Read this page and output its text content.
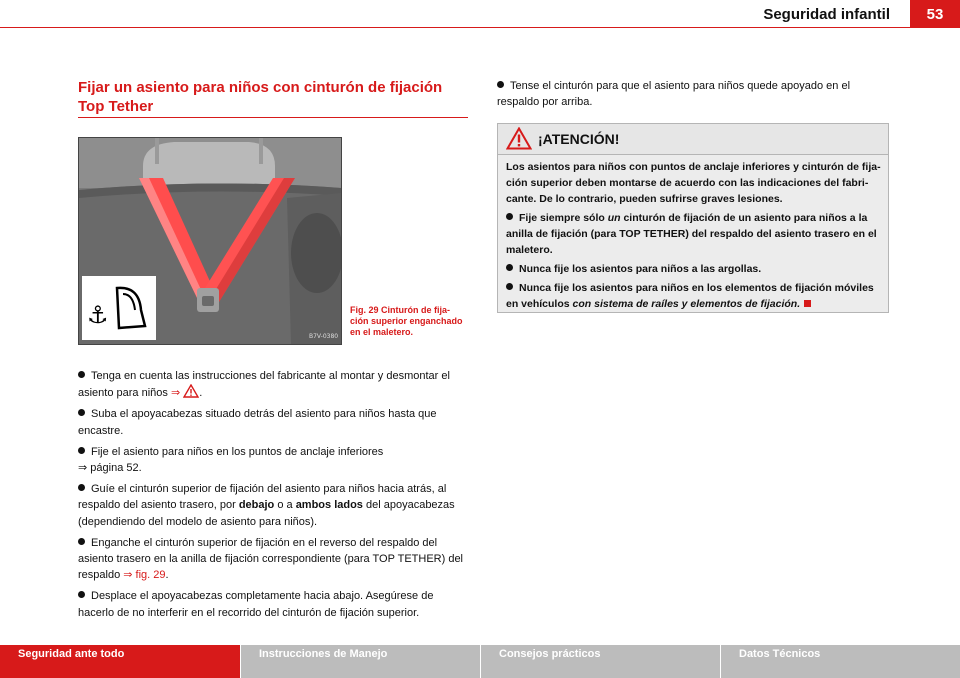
Seguridad infantil	53
Fijar un asiento para niños con cinturón de fijación Top Tether
⚓
B7V-0380
Fig. 29 Cinturón de fija-ción superior enganchado en el maletero.

Tenga en cuenta las instrucciones del fabricante al montar y desmontar el asiento para niños ⇒ .

Suba el apoyacabezas situado detrás del asiento para niños hasta que encastre.

Fije el asiento para niños en los puntos de anclaje inferiores
⇒ página 52.

Guíe el cinturón superior de fijación del asiento para niños hacia atrás, al respaldo del asiento trasero, por debajo o a ambos lados del apoyacabezas (dependiendo del modelo de asiento para niños).

Enganche el cinturón superior de fijación en el reverso del respaldo del asiento trasero en la anilla de fijación correspondiente (para TOP TETHER) del respaldo ⇒ fig. 29.

Desplace el apoyacabezas completamente hacia abajo. Asegúrese de hacerlo de no interferir en el recorrido del cinturón de fijación superior.

Tense el cinturón para que el asiento para niños quede apoyado en el respaldo por arriba.

¡ATENCIÓN!

Los asientos para niños con puntos de anclaje inferiores y cinturón de fija-ción superior deben montarse de acuerdo con las indicaciones del fabri-cante. De lo contrario, pueden sufrirse graves lesiones.

Fije siempre sólo un cinturón de fijación de un asiento para niños a la anilla de fijación (para TOP TETHER) del respaldo del asiento trasero en el maletero.

Nunca fije los asientos para niños a las argollas.

Nunca fije los asientos para niños en los elementos de fijación móviles en vehículos con sistema de raíles y elementos de fijación.

Seguridad ante todo	Instrucciones de Manejo	Consejos prácticos	Datos Técnicos
